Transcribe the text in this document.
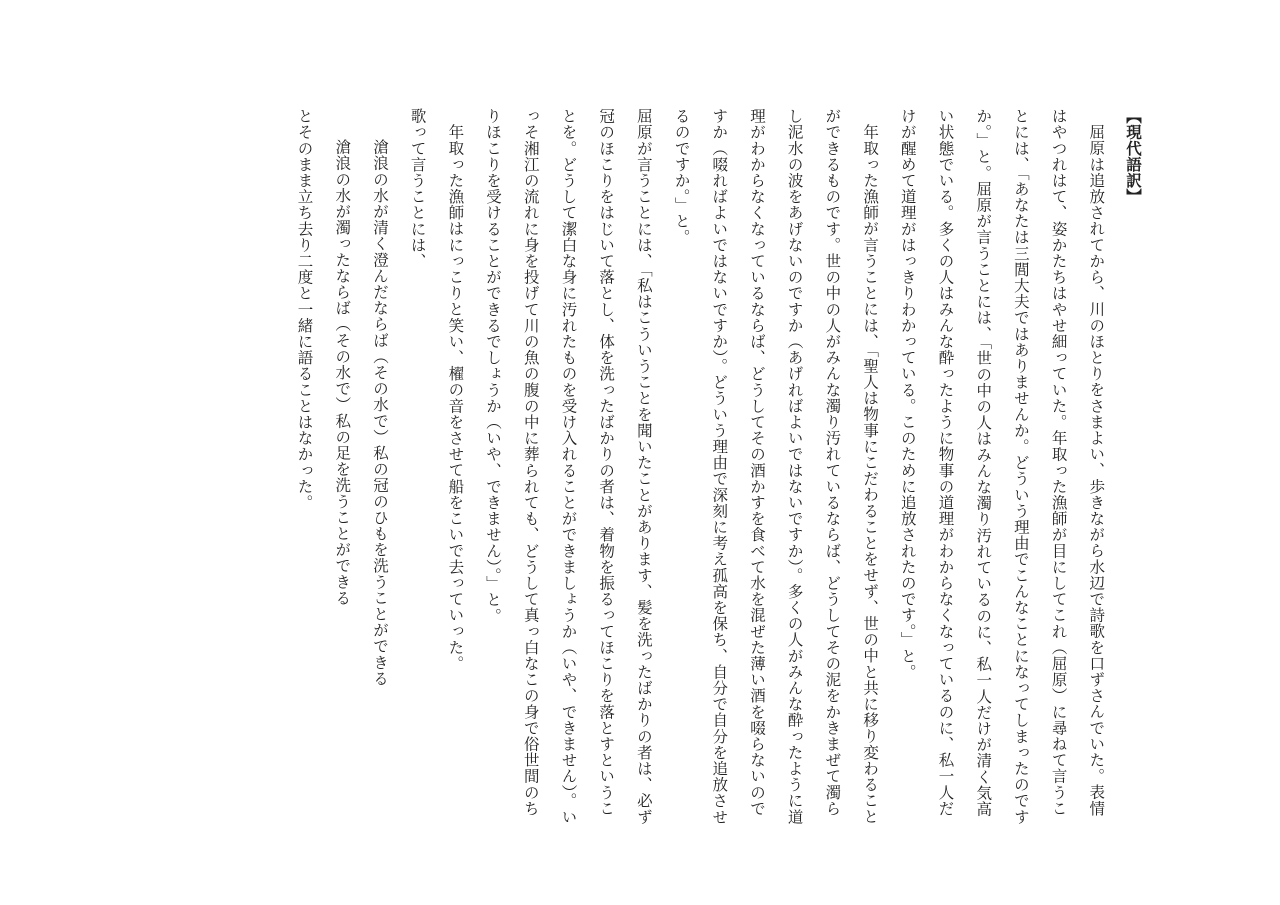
【現代語訳】

屈原は追放されてから、川のほとりをさまよい、歩きながら水辺で詩歌を口ずさんでいた。表情はやつれはて、姿かたちはやせ細っていた。年取った漁師が目にしてこれ（屈原）に尋ねて言うことには、「あなたは三閭大夫ではありませんか。どういう理由でこんなことになってしまったのですか。」と。屈原が言うことには、「世の中の人はみんな濁り汚れているのに、私一人だけが清く気高い状態でいる。多くの人はみんな酔ったように物事の道理がわからなくなっているのに、私一人だけが醒めて道理がはっきりわかっている。このために追放されたのです。」と。

年取った漁師が言うことには、「聖人は物事にこだわることをせず、世の中と共に移り変わることができるものです。世の中の人がみんな濁り汚れているならば、どうしてその泥をかきまぜて濁らし泥水の波をあげないのですか（あげればよいではないですか）。多くの人がみんな酔ったように道理がわからなくなっているならば、どうしてその酒かすを食べて水を混ぜた薄い酒を啜らないのですか（啜ればよいではないですか）。どういう理由で深刻に考え孤高を保ち、自分で自分を追放させるのですか。」と。

屈原が言うことには、「私はこういうことを聞いたことがあります、髪を洗ったばかりの者は、必ず冠のほこりをはじいて落とし、体を洗ったばかりの者は、着物を振るってほこりを落とすということを。どうして潔白な身に汚れたものを受け入れることができましょうか（いや、できません）。いっそ湘江の流れに身を投げて川の魚の腹の中に葬られても、どうして真っ白なこの身で俗世間のちりほこりを受けることができるでしょうか（いや、できません）。」と。

年取った漁師はにっこりと笑い、櫂の音をさせて船をこいで去っていった。

歌って言うことには、

滄浪の水が清く澄んだならば（その水で）私の冠のひもを洗うことができる

滄浪の水が濁ったならば（その水で）私の足を洗うことができる

とそのまま立ち去り二度と一緒に語ることはなかった。
